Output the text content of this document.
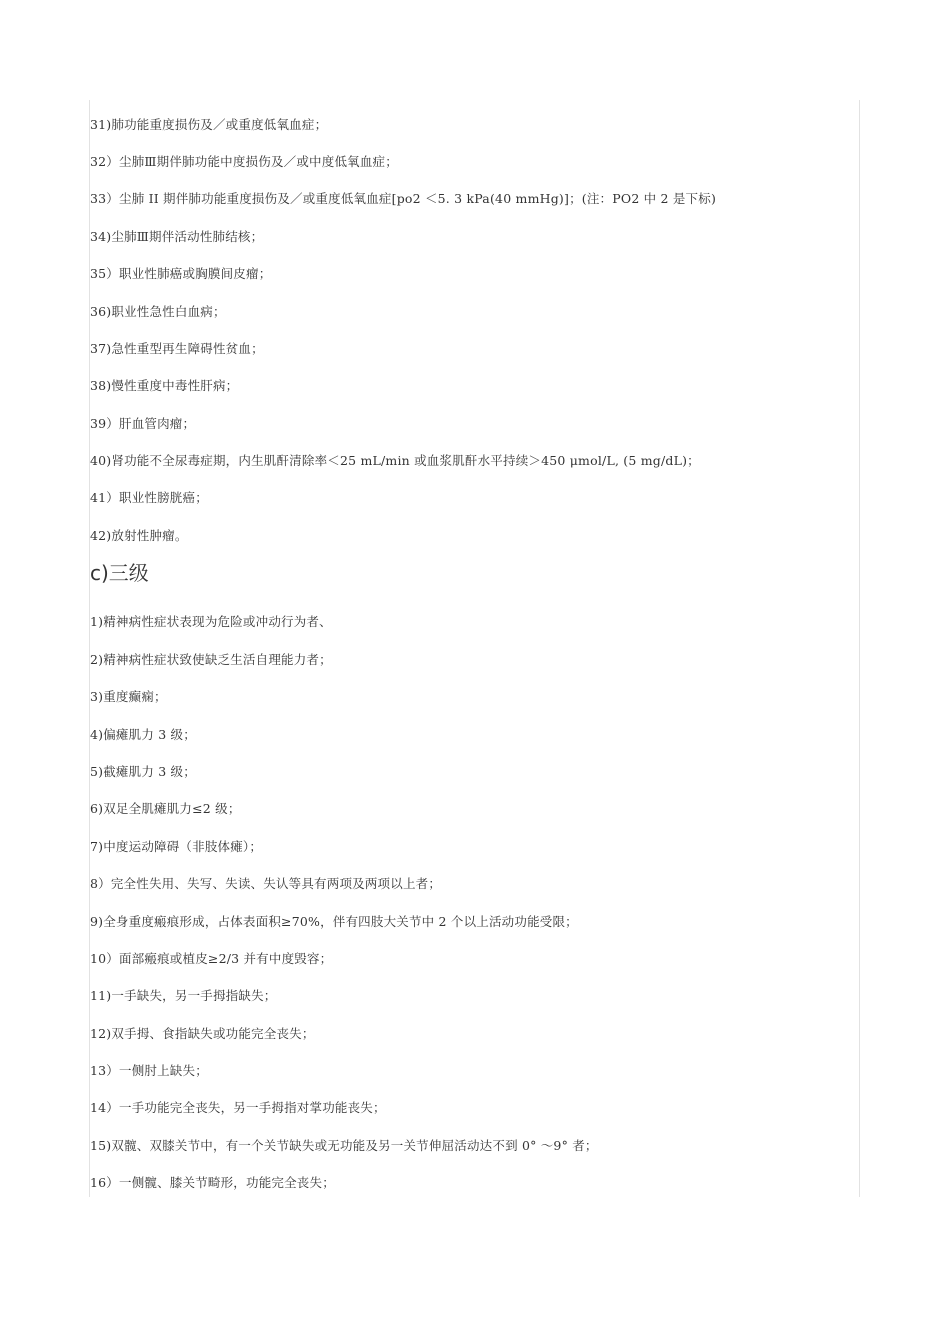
31)肺功能重度损伤及／或重度低氧血症；
32）尘肺Ⅲ期伴肺功能中度损伤及／或中度低氧血症；
33）尘肺 II 期伴肺功能重度损伤及／或重度低氧血症[po2 ＜5. 3 kPa(40 mmHg)]；(注：PO2 中 2 是下标)
34)尘肺Ⅲ期伴活动性肺结核；
35）职业性肺癌或胸膜间皮瘤；
36)职业性急性白血病；
37)急性重型再生障碍性贫血；
38)慢性重度中毒性肝病；
39）肝血管肉瘤；
40)肾功能不全尿毒症期，内生肌酐清除率＜25 mL/min 或血浆肌酐水平持续＞450 μmol/L, (5 mg/dL)；
41）职业性膀胱癌；
42)放射性肿瘤。
c)三级
1)精神病性症状表现为危险或冲动行为者、
2)精神病性症状致使缺乏生活自理能力者；
3)重度癫痫；
4)偏瘫肌力 3 级；
5)截瘫肌力 3 级；
6)双足全肌瘫肌力≤2 级；
7)中度运动障碍（非肢体瘫）；
8）完全性失用、失写、失读、失认等具有两项及两项以上者；
9)全身重度瘢痕形成，占体表面积≥70%，伴有四肢大关节中 2 个以上活动功能受限；
10）面部瘢痕或植皮≥2/3 并有中度毁容；
11)一手缺失，另一手拇指缺失；
12)双手拇、食指缺失或功能完全丧失；
13）一侧肘上缺失；
14）一手功能完全丧失，另一手拇指对掌功能丧失；
15)双髋、双膝关节中，有一个关节缺失或无功能及另一关节伸屈活动达不到 0° ～9° 者；
16）一侧髋、膝关节畸形，功能完全丧失；
